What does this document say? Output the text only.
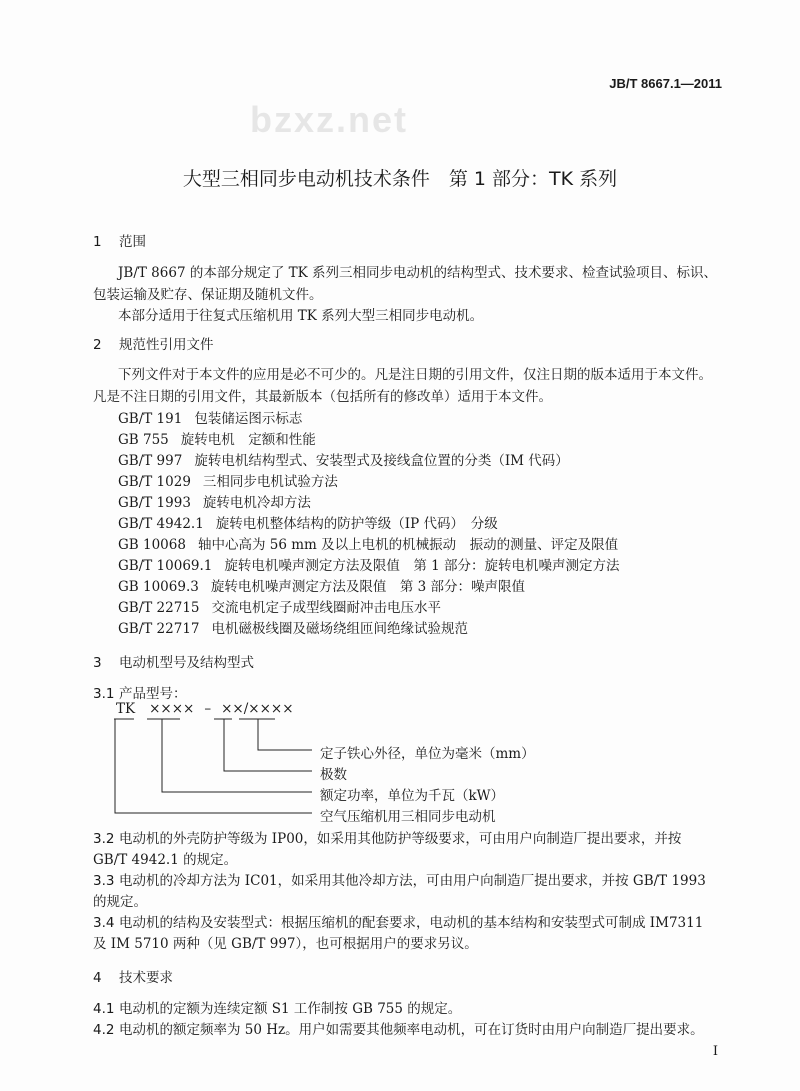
bzxz.net
JB/T 8667.1—2011
大型三相同步电动机技术条件　第 1 部分：TK 系列
1 范围
JB/T 8667 的本部分规定了 TK 系列三相同步电动机的结构型式、技术要求、检查试验项目、标识、
包装运输及贮存、保证期及随机文件。
本部分适用于往复式压缩机用 TK 系列大型三相同步电动机。
2 规范性引用文件
下列文件对于本文件的应用是必不可少的。凡是注日期的引用文件，仅注日期的版本适用于本文件。
凡是不注日期的引用文件，其最新版本（包括所有的修改单）适用于本文件。
GB/T 191 包装储运图示标志
GB 755 旋转电机　定额和性能
GB/T 997 旋转电机结构型式、安装型式及接线盒位置的分类（IM 代码）
GB/T 1029 三相同步电机试验方法
GB/T 1993 旋转电机冷却方法
GB/T 4942.1 旋转电机整体结构的防护等级（IP 代码）　分级
GB 10068 轴中心高为 56 mm 及以上电机的机械振动　振动的测量、评定及限值
GB/T 10069.1 旋转电机噪声测定方法及限值　第 1 部分：旋转电机噪声测定方法
GB 10069.3 旋转电机噪声测定方法及限值　第 3 部分：噪声限值
GB/T 22715 交流电机定子成型线圈耐冲击电压水平
GB/T 22717 电机磁极线圈及磁场绕组匝间绝缘试验规范
3 电动机型号及结构型式
3.1 产品型号：
TK ×××× – ×× / ××××
定子铁心外径，单位为毫米（mm）
极数
额定功率，单位为千瓦（kW）
空气压缩机用三相同步电动机
3.2 电动机的外壳防护等级为 IP00，如采用其他防护等级要求，可由用户向制造厂提出要求，并按
GB/T 4942.1 的规定。
3.3 电动机的冷却方法为 IC01，如采用其他冷却方法，可由用户向制造厂提出要求，并按 GB/T 1993
的规定。
3.4 电动机的结构及安装型式：根据压缩机的配套要求，电动机的基本结构和安装型式可制成 IM7311
及 IM 5710 两种（见 GB/T 997），也可根据用户的要求另议。
4 技术要求
4.1 电动机的定额为连续定额 S1 工作制按 GB 755 的规定。
4.2 电动机的额定频率为 50 Hz。用户如需要其他频率电动机，可在订货时由用户向制造厂提出要求。
I
